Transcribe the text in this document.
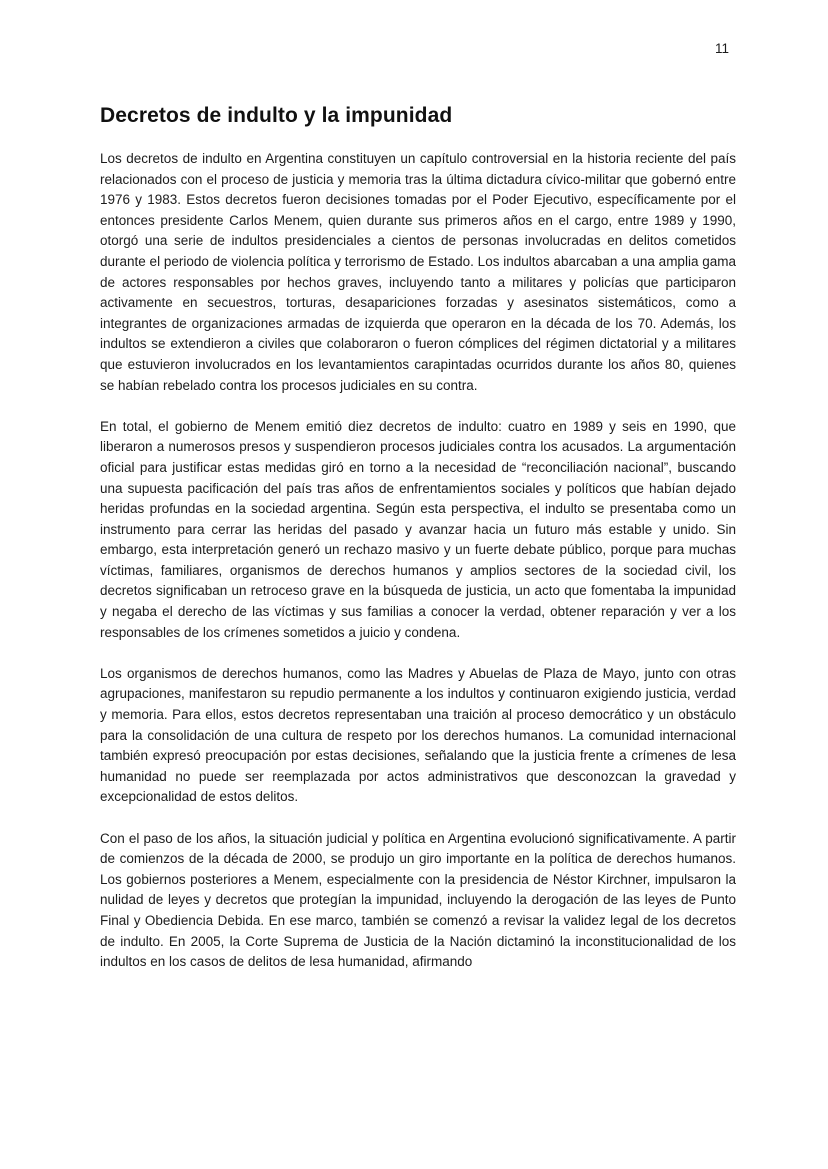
11
Decretos de indulto y la impunidad

Los decretos de indulto en Argentina constituyen un capítulo controversial en la historia reciente del país relacionados con el proceso de justicia y memoria tras la última dictadura cívico-militar que gobernó entre 1976 y 1983. Estos decretos fueron decisiones tomadas por el Poder Ejecutivo, específicamente por el entonces presidente Carlos Menem, quien durante sus primeros años en el cargo, entre 1989 y 1990, otorgó una serie de indultos presidenciales a cientos de personas involucradas en delitos cometidos durante el periodo de violencia política y terrorismo de Estado. Los indultos abarcaban a una amplia gama de actores responsables por hechos graves, incluyendo tanto a militares y policías que participaron activamente en secuestros, torturas, desapariciones forzadas y asesinatos sistemáticos, como a integrantes de organizaciones armadas de izquierda que operaron en la década de los 70. Además, los indultos se extendieron a civiles que colaboraron o fueron cómplices del régimen dictatorial y a militares que estuvieron involucrados en los levantamientos carapintadas ocurridos durante los años 80, quienes se habían rebelado contra los procesos judiciales en su contra.

En total, el gobierno de Menem emitió diez decretos de indulto: cuatro en 1989 y seis en 1990, que liberaron a numerosos presos y suspendieron procesos judiciales contra los acusados. La argumentación oficial para justificar estas medidas giró en torno a la necesidad de “reconciliación nacional”, buscando una supuesta pacificación del país tras años de enfrentamientos sociales y políticos que habían dejado heridas profundas en la sociedad argentina. Según esta perspectiva, el indulto se presentaba como un instrumento para cerrar las heridas del pasado y avanzar hacia un futuro más estable y unido. Sin embargo, esta interpretación generó un rechazo masivo y un fuerte debate público, porque para muchas víctimas, familiares, organismos de derechos humanos y amplios sectores de la sociedad civil, los decretos significaban un retroceso grave en la búsqueda de justicia, un acto que fomentaba la impunidad y negaba el derecho de las víctimas y sus familias a conocer la verdad, obtener reparación y ver a los responsables de los crímenes sometidos a juicio y condena.

Los organismos de derechos humanos, como las Madres y Abuelas de Plaza de Mayo, junto con otras agrupaciones, manifestaron su repudio permanente a los indultos y continuaron exigiendo justicia, verdad y memoria. Para ellos, estos decretos representaban una traición al proceso democrático y un obstáculo para la consolidación de una cultura de respeto por los derechos humanos. La comunidad internacional también expresó preocupación por estas decisiones, señalando que la justicia frente a crímenes de lesa humanidad no puede ser reemplazada por actos administrativos que desconozcan la gravedad y excepcionalidad de estos delitos.

Con el paso de los años, la situación judicial y política en Argentina evolucionó significativamente. A partir de comienzos de la década de 2000, se produjo un giro importante en la política de derechos humanos. Los gobiernos posteriores a Menem, especialmente con la presidencia de Néstor Kirchner, impulsaron la nulidad de leyes y decretos que protegían la impunidad, incluyendo la derogación de las leyes de Punto Final y Obediencia Debida. En ese marco, también se comenzó a revisar la validez legal de los decretos de indulto. En 2005, la Corte Suprema de Justicia de la Nación dictaminó la inconstitucionalidad de los indultos en los casos de delitos de lesa humanidad, afirmando
